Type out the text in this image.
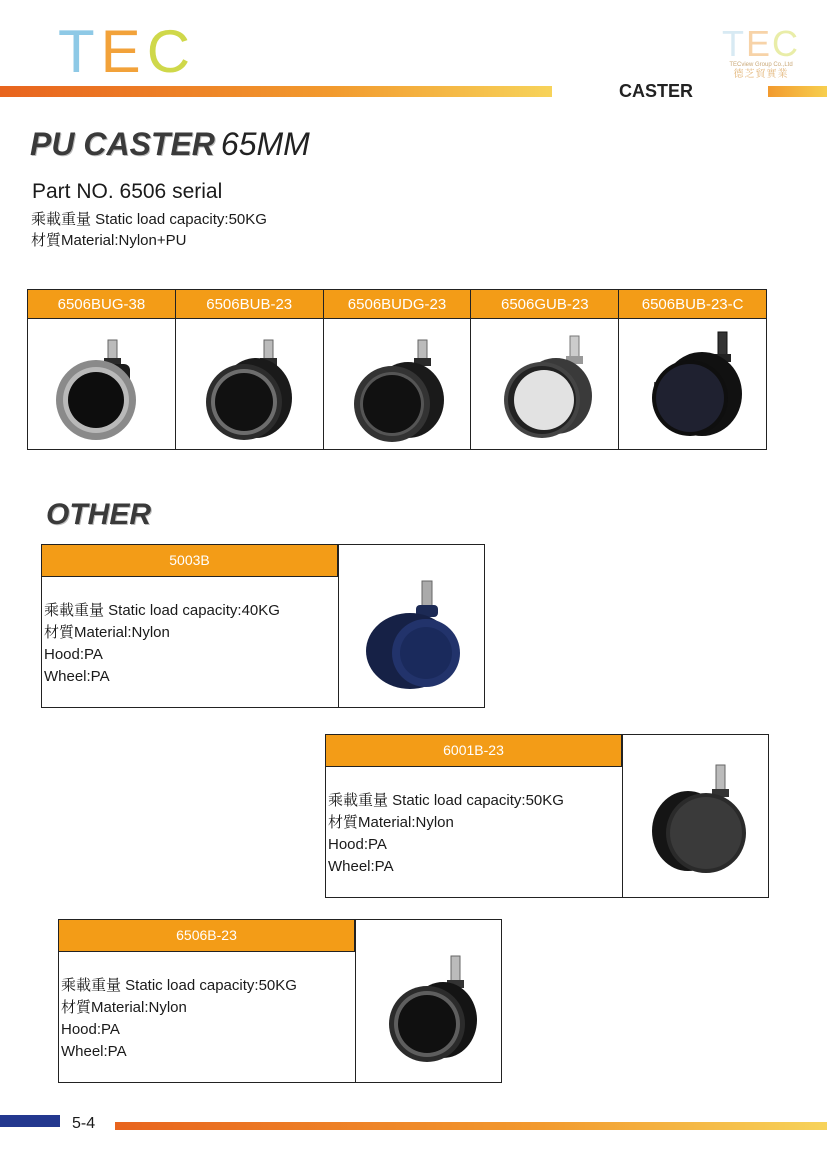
TEC	TEC
TECview Group Co.,Ltd
德芝貿實業
CASTER
PU CASTER 65MM
Part NO. 6506 serial
乘載重量 Static load capacity:50KG
材質Material:Nylon+PU
6506BUG-38	6506BUB-23	6506BUDG-23	6506GUB-23	6506BUB-23-C

OTHER
5003B
乘載重量 Static load capacity:40KG
材質Material:Nylon
Hood:PA
Wheel:PA
6001B-23
乘載重量 Static load capacity:50KG
材質Material:Nylon
Hood:PA
Wheel:PA
6506B-23
乘載重量 Static load capacity:50KG
材質Material:Nylon
Hood:PA
Wheel:PA
5-4
